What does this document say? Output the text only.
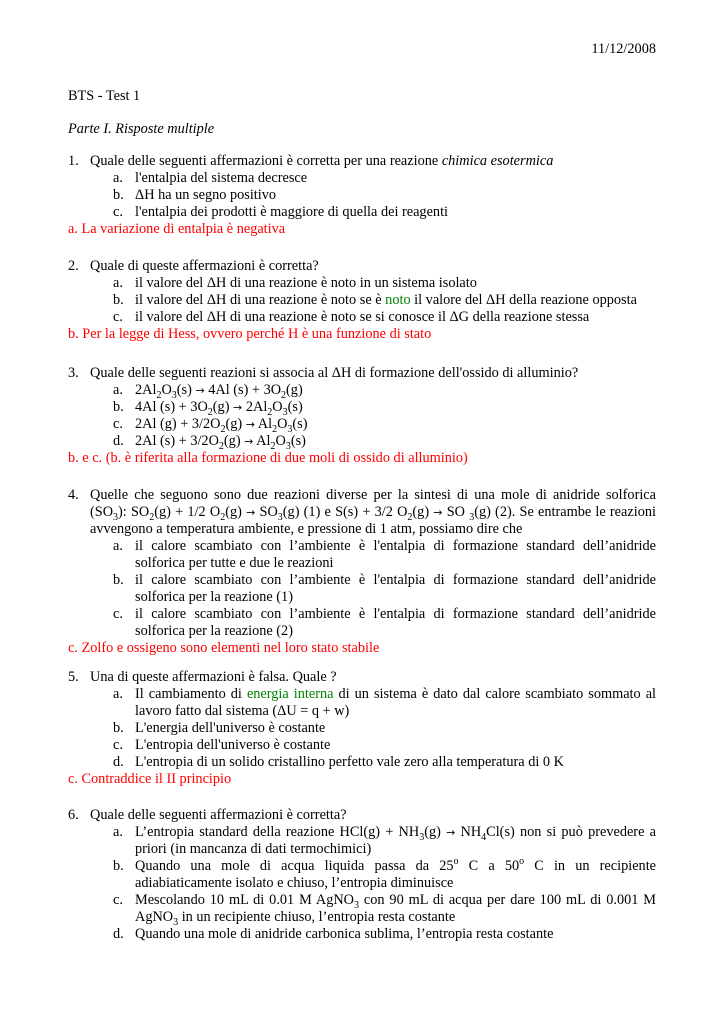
11/12/2008
BTS - Test 1
Parte I. Risposte multiple
1. Quale delle seguenti affermazioni è corretta per una reazione chimica esotermica
a. l'entalpia del sistema decresce
b. ΔH ha un segno positivo
c. l'entalpia dei prodotti è maggiore di quella dei reagenti
a. La variazione di entalpia è negativa
2. Quale di queste affermazioni è corretta?
a. il valore del ΔH di una reazione è noto in un sistema isolato
b. il valore del ΔH di una reazione è noto se è noto il valore del ΔH della reazione opposta
c. il valore del ΔH di una reazione è noto se si conosce il ΔG della reazione stessa
b. Per la legge di Hess, ovvero perché H è una funzione di stato
3. Quale delle seguenti reazioni si associa al ΔH di formazione dell'ossido di alluminio?
a. $2Al_2O_3(s) \to 4Al$ $(s) + 3O_2(g)$
b. 4Al $(s) + 3O_2(g) \to 2Al_2O_3(s)$
c. 2Al $(g) + 3/2O_2(g) \to Al_2O_3(s)$
d. 2Al $(s) + 3/2O_2(g) \to Al_2O_3(s)$
b. e c. (b. è riferita alla formazione di due moli di ossido di alluminio)
4. Quelle che seguono sono due reazioni diverse per la sintesi di una mole di anidride solforica $(SO_3)$: $SO_2(g) + 1/2$ $O_2(g) \to SO_3(g)$ (1) e S(s) + 3/2 $O_2(g)$ → SO $_3$(g) (2). Se entrambe le reazioni avvengono a temperatura ambiente, e pressione di 1 atm, possiamo dire che
a. il calore scambiato con l’ambiente è l'entalpia di formazione standard dell’anidride solforica per tutte e due le reazioni
b. il calore scambiato con l’ambiente è l'entalpia di formazione standard dell’anidride solforica per la reazione (1)
c. il calore scambiato con l’ambiente è l'entalpia di formazione standard dell’anidride solforica per la reazione (2)
c. Zolfo e ossigeno sono elementi nel loro stato stabile
5. Una di queste affermazioni è falsa. Quale ?
a. Il cambiamento di energia interna di un sistema è dato dal calore scambiato sommato al lavoro fatto dal sistema (ΔU = q + w)
b. L'energia dell'universo è costante
c. L'entropia dell'universo è costante
d. L'entropia di un solido cristallino perfetto vale zero alla temperatura di 0 K
c. Contraddice il II principio
6. Quale delle seguenti affermazioni è corretta?
a. L’entropia standard della reazione $HCl(g) + NH_3(g) \to NH_4Cl(s)$ non si può prevedere a priori (in mancanza di dati termochimici)
b. Quando una mole di acqua liquida passa da 25$^o$ C a 50$^o$ C in un recipiente adiabiaticamente isolato e chiuso, l’entropia diminuisce
c. Mescolando 10 mL di 0.01 M AgNO$_3$ con 90 mL di acqua per dare 100 mL di 0.001 M AgNO$_3$ in un recipiente chiuso, l’entropia resta costante
d. Quando una mole di anidride carbonica sublima, l’entropia resta costante
